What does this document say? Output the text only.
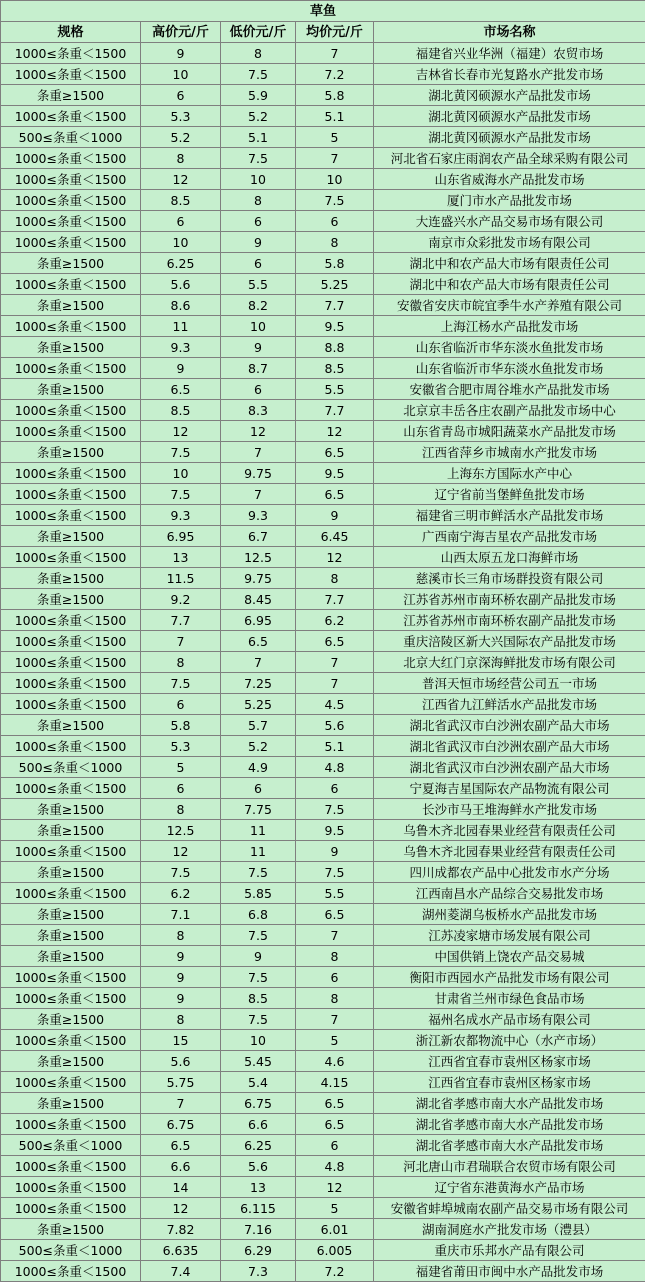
草鱼				
规格	高价元/斤	低价元/斤	均价元/斤	市场名称
1000≤条重＜1500	9	8	7	福建省兴业华洲（福建）农贸市场
1000≤条重＜1500	10	7.5	7.2	吉林省长春市光复路水产批发市场
条重≥1500	6	5.9	5.8	湖北黄冈硕源水产品批发市场
1000≤条重＜1500	5.3	5.2	5.1	湖北黄冈硕源水产品批发市场
500≤条重＜1000	5.2	5.1	5	湖北黄冈硕源水产品批发市场
1000≤条重＜1500	8	7.5	7	河北省石家庄雨润农产品全球采购有限公司
1000≤条重＜1500	12	10	10	山东省威海水产品批发市场
1000≤条重＜1500	8.5	8	7.5	厦门市水产品批发市场
1000≤条重＜1500	6	6	6	大连盛兴水产品交易市场有限公司
1000≤条重＜1500	10	9	8	南京市众彩批发市场有限公司
条重≥1500	6.25	6	5.8	湖北中和农产品大市场有限责任公司
1000≤条重＜1500	5.6	5.5	5.25	湖北中和农产品大市场有限责任公司
条重≥1500	8.6	8.2	7.7	安徽省安庆市皖宜季牛水产养殖有限公司
1000≤条重＜1500	11	10	9.5	上海江杨水产品批发市场
条重≥1500	9.3	9	8.8	山东省临沂市华东淡水鱼批发市场
1000≤条重＜1500	9	8.7	8.5	山东省临沂市华东淡水鱼批发市场
条重≥1500	6.5	6	5.5	安徽省合肥市周谷堆水产品批发市场
1000≤条重＜1500	8.5	8.3	7.7	北京京丰岳各庄农副产品批发市场中心
1000≤条重＜1500	12	12	12	山东省青岛市城阳蔬菜水产品批发市场
条重≥1500	7.5	7	6.5	江西省萍乡市城南水产批发市场
1000≤条重＜1500	10	9.75	9.5	上海东方国际水产中心
1000≤条重＜1500	7.5	7	6.5	辽宁省前当堡鲜鱼批发市场
1000≤条重＜1500	9.3	9.3	9	福建省三明市鲜活水产品批发市场
条重≥1500	6.95	6.7	6.45	广西南宁海吉星农产品批发市场
1000≤条重＜1500	13	12.5	12	山西太原五龙口海鲜市场
条重≥1500	11.5	9.75	8	慈溪市长三角市场群投资有限公司
条重≥1500	9.2	8.45	7.7	江苏省苏州市南环桥农副产品批发市场
1000≤条重＜1500	7.7	6.95	6.2	江苏省苏州市南环桥农副产品批发市场
1000≤条重＜1500	7	6.5	6.5	重庆涪陵区新大兴国际农产品批发市场
1000≤条重＜1500	8	7	7	北京大红门京深海鲜批发市场有限公司
1000≤条重＜1500	7.5	7.25	7	普洱天恒市场经营公司五一市场
1000≤条重＜1500	6	5.25	4.5	江西省九江鲜活水产品批发市场
条重≥1500	5.8	5.7	5.6	湖北省武汉市白沙洲农副产品大市场
1000≤条重＜1500	5.3	5.2	5.1	湖北省武汉市白沙洲农副产品大市场
500≤条重＜1000	5	4.9	4.8	湖北省武汉市白沙洲农副产品大市场
1000≤条重＜1500	6	6	6	宁夏海吉星国际农产品物流有限公司
条重≥1500	8	7.75	7.5	长沙市马王堆海鲜水产批发市场
条重≥1500	12.5	11	9.5	乌鲁木齐北园春果业经营有限责任公司
1000≤条重＜1500	12	11	9	乌鲁木齐北园春果业经营有限责任公司
条重≥1500	7.5	7.5	7.5	四川成都农产品中心批发市水产分场
1000≤条重＜1500	6.2	5.85	5.5	江西南昌水产品综合交易批发市场
条重≥1500	7.1	6.8	6.5	湖州菱湖乌板桥水产品批发市场
条重≥1500	8	7.5	7	江苏凌家塘市场发展有限公司
条重≥1500	9	9	8	中国供销上饶农产品交易城
1000≤条重＜1500	9	7.5	6	衡阳市西园水产品批发市场有限公司
1000≤条重＜1500	9	8.5	8	甘肃省兰州市绿色食品市场
条重≥1500	8	7.5	7	福州名成水产品市场有限公司
1000≤条重＜1500	15	10	5	浙江新农都物流中心（水产市场）
条重≥1500	5.6	5.45	4.6	江西省宜春市袁州区杨家市场
1000≤条重＜1500	5.75	5.4	4.15	江西省宜春市袁州区杨家市场
条重≥1500	7	6.75	6.5	湖北省孝感市南大水产品批发市场
1000≤条重＜1500	6.75	6.6	6.5	湖北省孝感市南大水产品批发市场
500≤条重＜1000	6.5	6.25	6	湖北省孝感市南大水产品批发市场
1000≤条重＜1500	6.6	5.6	4.8	河北唐山市君瑞联合农贸市场有限公司
1000≤条重＜1500	14	13	12	辽宁省东港黄海水产品市场
1000≤条重＜1500	12	6.115	5	安徽省蚌埠城南农副产品交易市场有限公司
条重≥1500	7.82	7.16	6.01	湖南洞庭水产批发市场（澧县）
500≤条重＜1000	6.635	6.29	6.005	重庆市乐邦水产品有限公司
1000≤条重＜1500	7.4	7.3	7.2	福建省莆田市闽中水产品批发市场
